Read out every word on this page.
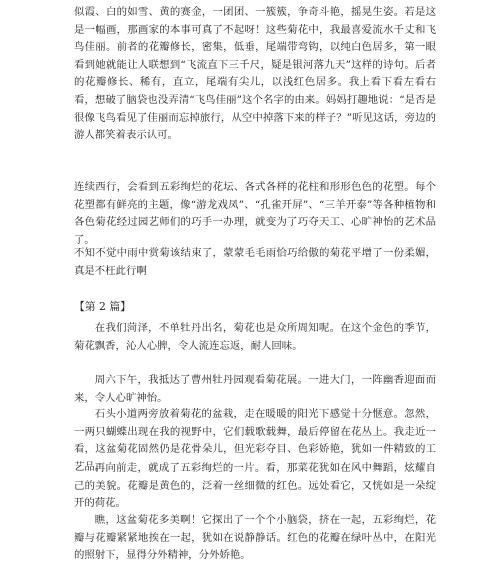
似霞、白的如雪、黄的赛金，一团团、一簇簇，争奇斗艳，摇晃生姿。若是这是一幅画，那画家的本事可真了不起呀！这些菊花中，我最喜爱流水千丈和飞鸟佳丽。前者的花瓣修长，密集，低垂，尾端带弯钩，以纯白色居多，第一眼看到她就能让人联想到“飞流直下三千尺，疑是银河落九天”这样的诗句。后者的花瓣修长、稀有，直立，尾端有尖儿，以浅红色居多。我上看下看左看右看，想破了脑袋也没弄清“飞鸟佳丽”这个名字的由来。妈妈打趣地说：“是否是很像飞鸟看见了佳丽而忘掉旅行，从空中掉落下来的样子？”听见这话，旁边的游人都笑着表示认可。

连续西行，会看到五彩绚烂的花坛、各式各样的花柱和形形色色的花塑。每个花塑都有鲜亮的主题，像“游龙戏凤”、“孔雀开屏”、“三羊开泰”等各种植物和各色菊花经过园艺师们的巧手一办理，就变为了巧夺天工、心旷神怡的艺术品了。

不知不觉中雨中赏菊该结束了，蒙蒙毛毛雨恰巧给傲的菊花平增了一份柔媚，真是不枉此行啊

【第 2 篇】

在我们菏泽，不单牡丹出名，菊花也是众所周知呢。在这个金色的季节，菊花飘香，沁人心脾，令人流连忘返，耐人回味。

周六下午，我抵达了曹州牡丹园观看菊花展。一进大门，一阵幽香迎面而来，令人心旷神怡。

石头小道两旁放着菊花的盆栽，走在暖暖的阳光下感觉十分惬意。忽然，一两只蝴蝶出现在我的视野中，它们载歌载舞，最后停留在花丛上。我走近一看，这盆菊花固然仍是花骨朵儿，但光彩夺目、色彩娇艳，犹如一件精致的工艺品。

再向前走，就成了五彩绚烂的一片。看，那菜花犹如在风中舞蹈，炫耀自己的美貌。花瓣是黄色的，泛着一丝细微的红色。远处看它，又恍如是一朵绽开的荷花。

瞧，这盆菊花多美啊！它探出了一个个小脑袋，挤在一起，五彩绚烂，花瓣与花瓣紧紧地挨在一起，犹如在说静静话。红色的花瓣在绿叶丛中，在阳光的照射下，显得分外精神，分外娇艳。
